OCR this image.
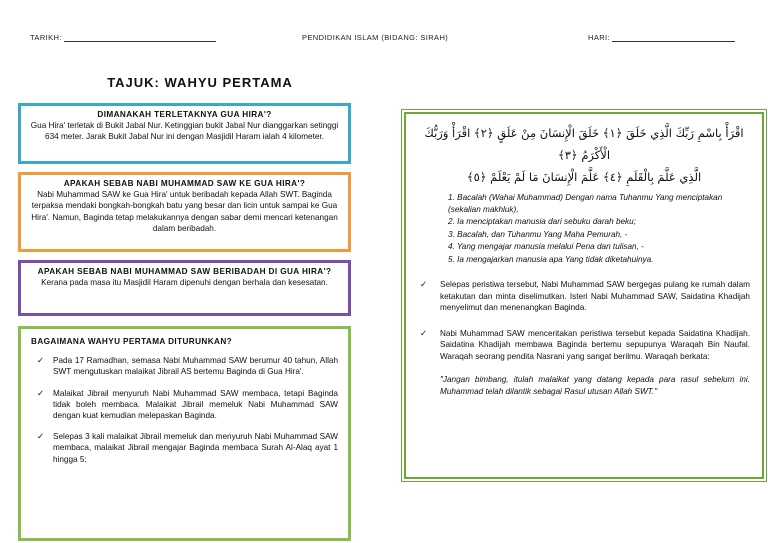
TARIKH:	PENDIDIKAN ISLAM (BIDANG: SIRAH)	HARI:
TAJUK: WAHYU PERTAMA
DIMANAKAH TERLETAKNYA GUA HIRA'?
Gua Hira' terletak di Bukit Jabal Nur. Ketinggian bukit Jabal Nur dianggarkan setinggi 634 meter. Jarak Bukit Jabal Nur ini dengan Masjidil Haram ialah 4 kilometer.
APAKAH SEBAB NABI MUHAMMAD SAW KE GUA HIRA'?
Nabi Muhammad SAW ke Gua Hira' untuk beribadah kepada Allah SWT. Baginda terpaksa mendaki bongkah-bongkah batu yang besar dan licin untuk sampai ke Gua Hira'. Namun, Baginda tetap melakukannya dengan sabar demi mencari ketenangan dalam beribadah.
APAKAH SEBAB NABI MUHAMMAD SAW BERIBADAH DI GUA HIRA'?
Kerana pada masa itu Masjidil Haram dipenuhi dengan berhala dan kesesatan.
BAGAIMANA WAHYU PERTAMA DITURUNKAN?
✓ Pada 17 Ramadhan, semasa Nabi Muhammad SAW berumur 40 tahun, Allah SWT mengutuskan malaikat Jibrail AS bertemu Baginda di Gua Hira'.
✓ Malaikat Jibrail menyuruh Nabi Muhammad SAW membaca, tetapi Baginda tidak boleh membaca. Malaikat Jibrail memeluk Nabi Muhammad SAW dengan kuat kemudian melepaskan Baginda.
✓ Selepas 3 kali malaikat Jibrail memeluk dan menyuruh Nabi Muhammad SAW membaca, malaikat Jibrail mengajar Baginda membaca Surah Al-Alaq ayat 1 hingga 5:
اقْرَأْ بِاسْمِ رَبِّكَ الَّذِي خَلَقَ ﴿١﴾ خَلَقَ الْإِنسَانَ مِنْ عَلَقٍ ﴿٢﴾ اقْرَأْ وَرَبُّكَ الْأَكْرَمُ ﴿٣﴾
الَّذِي عَلَّمَ بِالْقَلَمِ ﴿٤﴾ عَلَّمَ الْإِنسَانَ مَا لَمْ يَعْلَمْ ﴿٥﴾
1. Bacalah (Wahai Muhammad) Dengan nama Tuhanmu Yang menciptakan (sekalian makhluk),
2. Ia menciptakan manusia dari sebuku darah beku;
3. Bacalah, dan Tuhanmu Yang Maha Pemurah, -
4. Yang mengajar manusia melalui Pena dan tulisan, -
5. Ia mengajarkan manusia apa Yang tidak diketahuinya.
✓ Selepas peristiwa tersebut, Nabi Muhammad SAW bergegas pulang ke rumah dalam ketakutan dan minta diselimutkan. Isteri Nabi Muhammad SAW, Saidatina Khadijah menyelimut dan menenangkan Baginda.
✓ Nabi Muhammad SAW menceritakan peristiwa tersebut kepada Saidatina Khadijah. Saidatina Khadijah membawa Baginda bertemu sepupunya Waraqah Bin Naufal. Waraqah seorang pendita Nasrani yang sangat berilmu. Waraqah berkata:
"Jangan bimbang, itulah malaikat yang datang kepada para rasul sebelum ini. Muhammad telah dilantik sebagai Rasul utusan Allah SWT."
